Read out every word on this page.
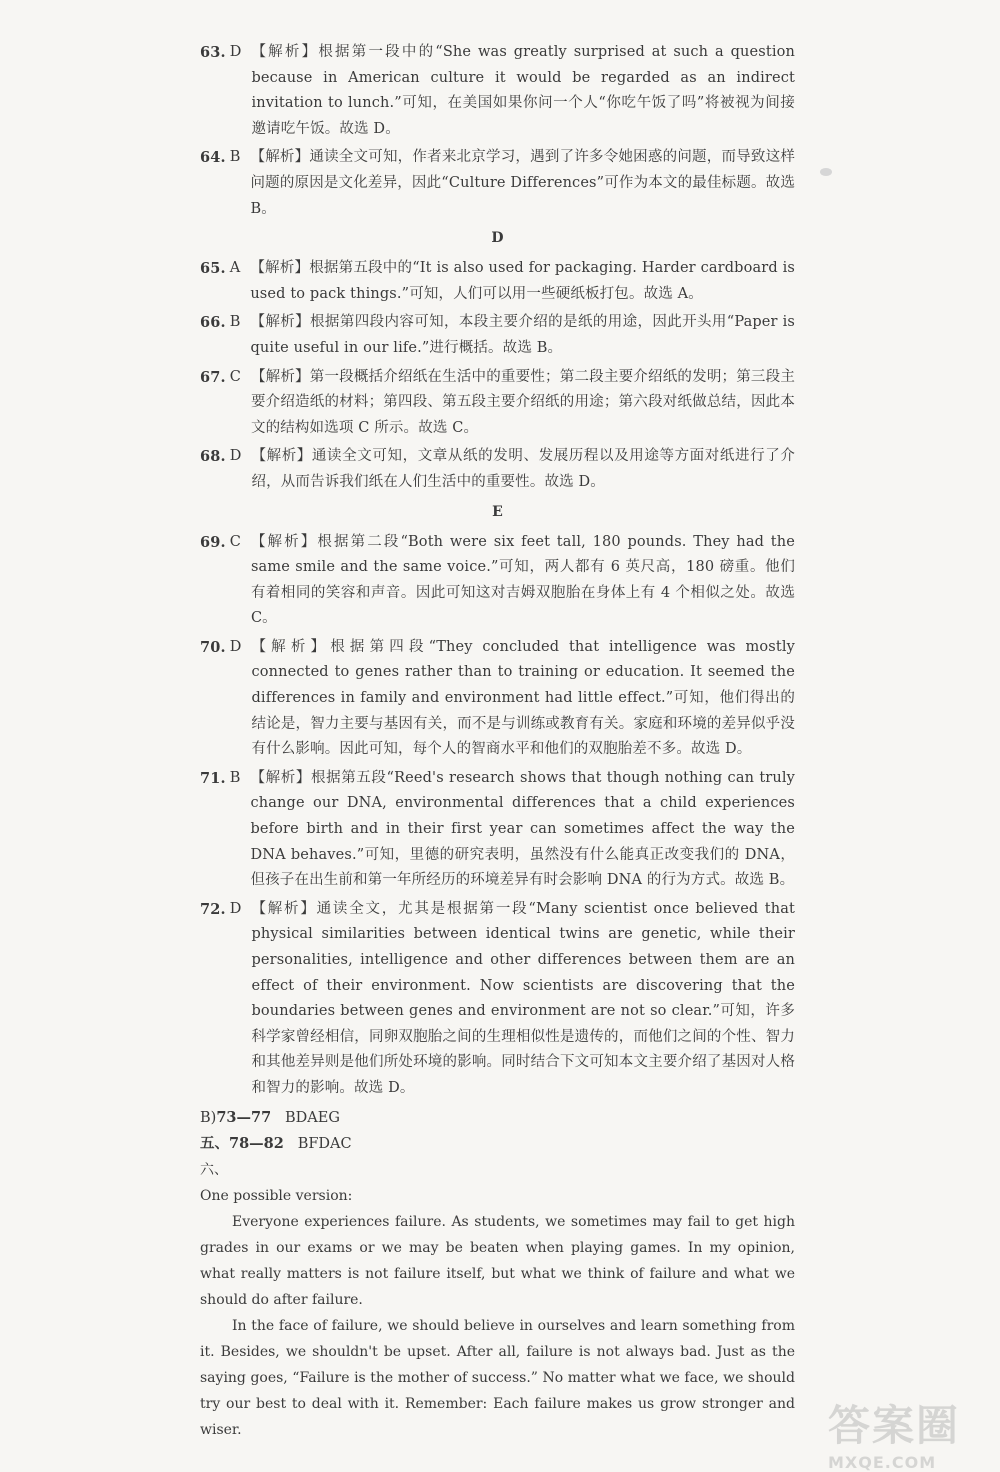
63. D 【解析】根据第一段中的“She was greatly surprised at such a question because in American culture it would be regarded as an indirect invitation to lunch.”可知，在美国如果你问一个人“你吃午饭了吗”将被视为间接邀请吃午饭。故选 D。
64. B 【解析】通读全文可知，作者来北京学习，遇到了许多令她困惑的问题，而导致这样问题的原因是文化差异，因此“Culture Differences”可作为本文的最佳标题。故选 B。
D
65. A 【解析】根据第五段中的“It is also used for packaging. Harder cardboard is used to pack things.”可知，人们可以用一些硬纸板打包。故选 A。
66. B 【解析】根据第四段内容可知，本段主要介绍的是纸的用途，因此开头用“Paper is quite useful in our life.”进行概括。故选 B。
67. C 【解析】第一段概括介绍纸在生活中的重要性；第二段主要介绍纸的发明；第三段主要介绍造纸的材料；第四段、第五段主要介绍纸的用途；第六段对纸做总结，因此本文的结构如选项 C 所示。故选 C。
68. D 【解析】通读全文可知，文章从纸的发明、发展历程以及用途等方面对纸进行了介绍，从而告诉我们纸在人们生活中的重要性。故选 D。
E
69. C 【解析】根据第二段“Both were six feet tall, 180 pounds. They had the same smile and the same voice.”可知，两人都有 6 英尺高，180 磅重。他们有着相同的笑容和声音。因此可知这对吉姆双胞胎在身体上有 4 个相似之处。故选 C。
70. D 【解析】根据第四段“They concluded that intelligence was mostly connected to genes rather than to training or education. It seemed the differences in family and environment had little effect.”可知，他们得出的结论是，智力主要与基因有关，而不是与训练或教育有关。家庭和环境的差异似乎没有什么影响。因此可知，每个人的智商水平和他们的双胞胎差不多。故选 D。
71. B 【解析】根据第五段“Reed's research shows that though nothing can truly change our DNA, environmental differences that a child experiences before birth and in their first year can sometimes affect the way the DNA behaves.”可知，里德的研究表明，虽然没有什么能真正改变我们的 DNA，但孩子在出生前和第一年所经历的环境差异有时会影响 DNA 的行为方式。故选 B。
72. D 【解析】通读全文，尤其是根据第一段“Many scientist once believed that physical similarities between identical twins are genetic, while their personalities, intelligence and other differences between them are an effect of their environment. Now scientists are discovering that the boundaries between genes and environment are not so clear.”可知，许多科学家曾经相信，同卵双胞胎之间的生理相似性是遗传的，而他们之间的个性、智力和其他差异则是他们所处环境的影响。同时结合下文可知本文主要介绍了基因对人格和智力的影响。故选 D。
B)73—77 BDAEG
五、78—82 BFDAC

六、

One possible version:

Everyone experiences failure. As students, we sometimes may fail to get high grades in our exams or we may be beaten when playing games. In my opinion, what really matters is not failure itself, but what we think of failure and what we should do after failure.

In the face of failure, we should believe in ourselves and learn something from it. Besides, we shouldn't be upset. After all, failure is not always bad. Just as the saying goes, “Failure is the mother of success.” No matter what we face, we should try our best to deal with it. Remember: Each failure makes us grow stronger and wiser.	答案圈
MXQE.COM
